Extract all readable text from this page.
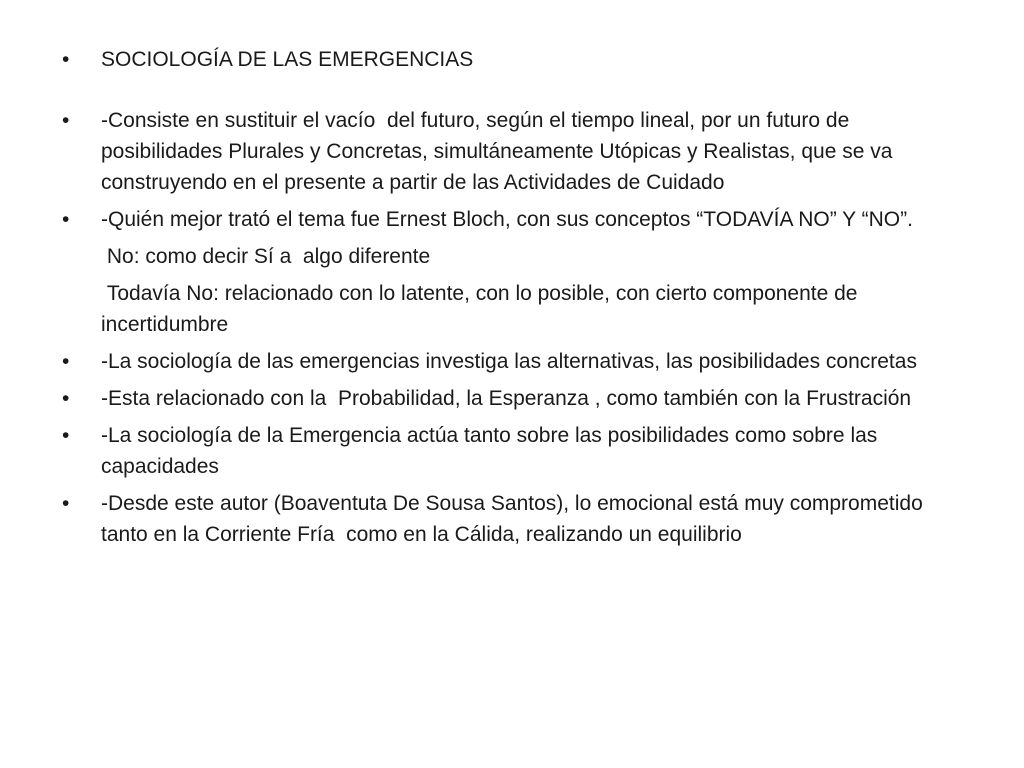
• SOCIOLOGÍA DE LAS EMERGENCIAS
• -Consiste en sustituir el vacío  del futuro, según el tiempo lineal, por un futuro de posibilidades Plurales y Concretas, simultáneamente Utópicas y Realistas, que se va construyendo en el presente a partir de las Actividades de Cuidado
• -Quién mejor trató el tema fue Ernest Bloch, con sus conceptos “TODAVÍA NO” Y “NO”.
No: como decir Sí a  algo diferente
Todavía No: relacionado con lo latente, con lo posible, con cierto componente de incertidumbre
• -La sociología de las emergencias investiga las alternativas, las posibilidades concretas
• -Esta relacionado con la  Probabilidad, la Esperanza , como también con la Frustración
• -La sociología de la Emergencia actúa tanto sobre las posibilidades como sobre las capacidades
• -Desde este autor (Boaventuta De Sousa Santos), lo emocional está muy comprometido  tanto en la Corriente Fría  como en la Cálida, realizando un equilibrio
